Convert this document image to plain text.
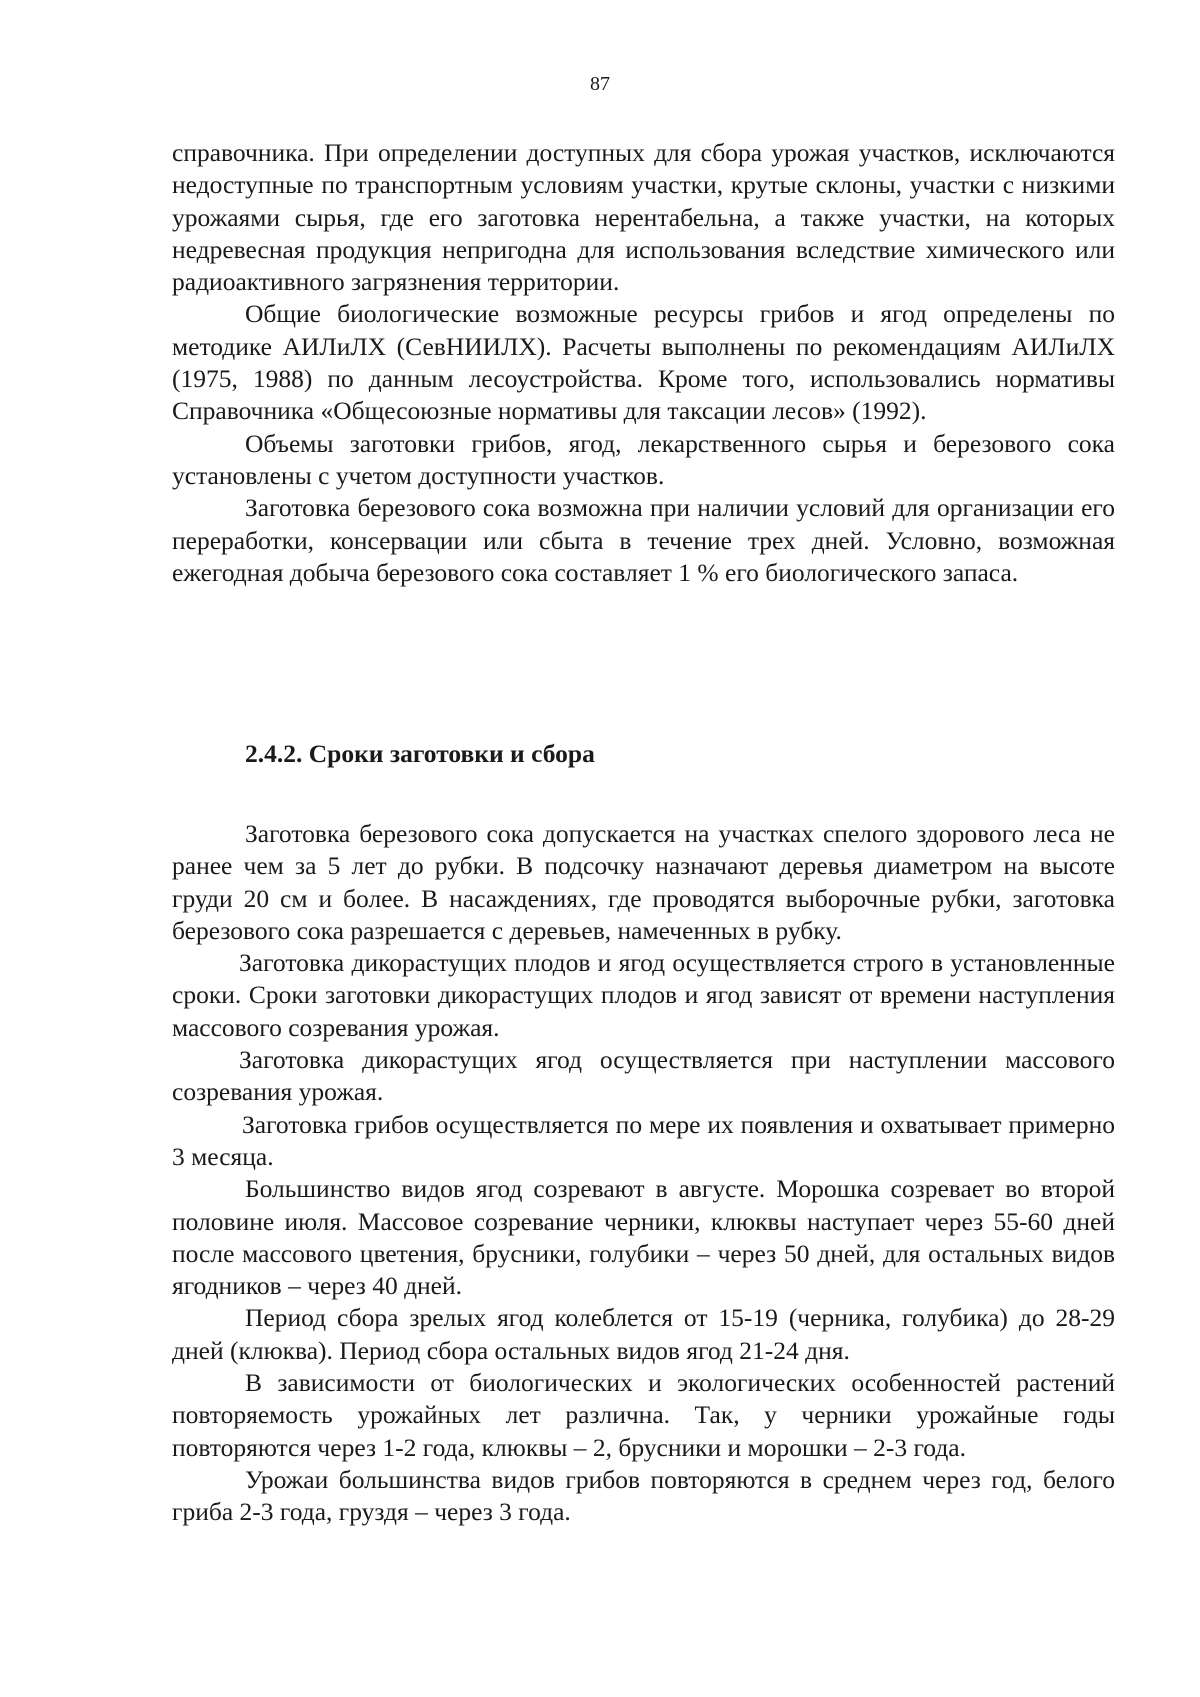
87

справочника. При определении доступных для сбора урожая участков, исключаются недоступные по транспортным условиям участки, крутые склоны, участки с низкими урожаями сырья, где его заготовка нерентабельна, а также участки, на которых недревесная продукция непригодна для использования вследствие химического или радиоактивного загрязнения территории.

Общие биологические возможные ресурсы грибов и ягод определены по методике АИЛиЛХ (СевНИИЛХ). Расчеты выполнены по рекомендациям АИЛиЛХ (1975, 1988) по данным лесоустройства. Кроме того, использовались нормативы Справочника «Общесоюзные нормативы для таксации лесов» (1992).

Объемы заготовки грибов, ягод, лекарственного сырья и березового сока установлены с учетом доступности участков.

Заготовка березового сока возможна при наличии условий для организации его переработки, консервации или сбыта в течение трех дней. Условно, возможная ежегодная добыча березового сока составляет 1 % его биологического запаса.

2.4.2. Сроки заготовки и сбора

Заготовка березового сока допускается на участках спелого здорового леса не ранее чем за 5 лет до рубки. В подсочку назначают деревья диаметром на высоте груди 20 см и более. В насаждениях, где проводятся выборочные рубки, заготовка березового сока разрешается с деревьев, намеченных в рубку.

Заготовка дикорастущих плодов и ягод осуществляется строго в установленные сроки. Сроки заготовки дикорастущих плодов и ягод зависят от времени наступления массового созревания урожая.

Заготовка дикорастущих ягод осуществляется при наступлении массового созревания урожая.

Заготовка грибов осуществляется по мере их появления и охватывает примерно 3 месяца.

Большинство видов ягод созревают в августе. Морошка созревает во второй половине июля. Массовое созревание черники, клюквы наступает через 55-60 дней после массового цветения, брусники, голубики – через 50 дней, для остальных видов ягодников – через 40 дней.

Период сбора зрелых ягод колеблется от 15-19 (черника, голубика) до 28-29 дней (клюква). Период сбора остальных видов ягод 21-24 дня.

В зависимости от биологических и экологических особенностей растений повторяемость урожайных лет различна. Так, у черники урожайные годы повторяются через 1-2 года, клюквы – 2, брусники и морошки – 2-3 года.

Урожаи большинства видов грибов повторяются в среднем через год, белого гриба 2-3 года, груздя – через 3 года.
